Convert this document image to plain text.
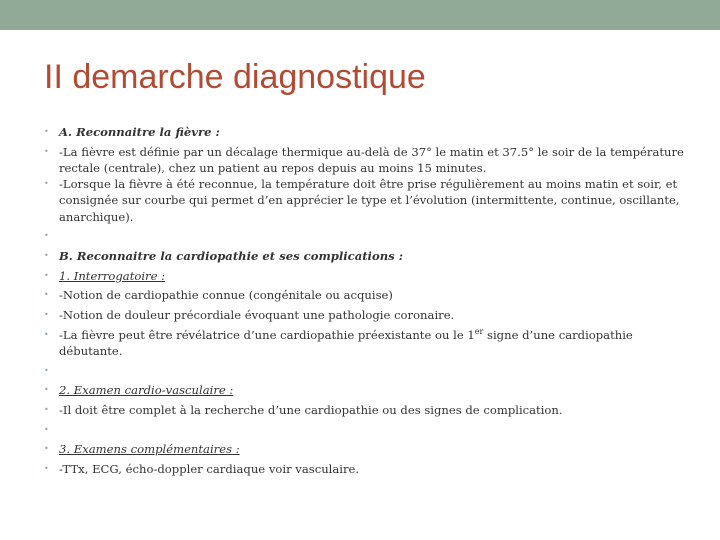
II demarche diagnostique
• A. Reconnaitre la fièvre :
• -La fièvre est définie par un décalage thermique au-delà de 37° le matin et 37.5° le soir de la température rectale (centrale), chez un patient au repos depuis au moins 15 minutes.
• -Lorsque la fièvre à été reconnue, la température doit être prise régulièrement au moins matin et soir, et consignée sur courbe qui permet d’en apprécier le type et l’évolution (intermittente, continue, oscillante, anarchique).
•
• B. Reconnaitre la cardiopathie et ses complications :
• 1. Interrogatoire :
• -Notion de cardiopathie connue (congénitale ou acquise)
• -Notion de douleur précordiale évoquant une pathologie coronaire.
• -La fièvre peut être révélatrice d’une cardiopathie préexistante ou le 1er signe d’une cardiopathie débutante.
•
• 2. Examen cardio-vasculaire :
• -Il doit être complet à la recherche d’une cardiopathie ou des signes de complication.
•
• 3. Examens complémentaires :
• -TTx, ECG, écho-doppler cardiaque voir vasculaire.
